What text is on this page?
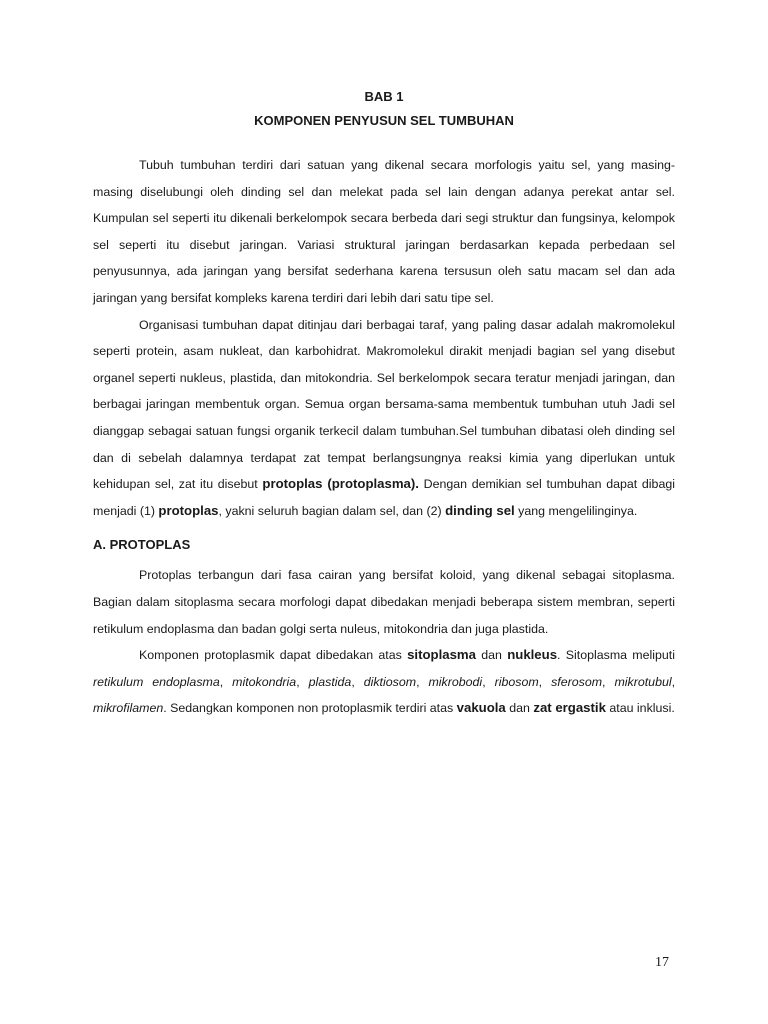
BAB 1
KOMPONEN PENYUSUN SEL TUMBUHAN

Tubuh tumbuhan terdiri dari satuan yang dikenal secara morfologis yaitu sel, yang masing-masing diselubungi oleh dinding sel dan melekat pada sel lain dengan adanya perekat antar sel. Kumpulan sel seperti itu dikenali berkelompok secara berbeda dari segi struktur dan fungsinya, kelompok sel seperti itu disebut jaringan. Variasi struktural jaringan berdasarkan kepada perbedaan sel penyusunnya, ada jaringan yang bersifat sederhana karena tersusun oleh satu macam sel dan ada jaringan yang bersifat kompleks karena terdiri dari lebih dari satu tipe sel.

Organisasi tumbuhan dapat ditinjau dari berbagai taraf, yang paling dasar adalah makromolekul seperti protein, asam nukleat, dan karbohidrat. Makromolekul dirakit menjadi bagian sel yang disebut organel seperti nukleus, plastida, dan mitokondria. Sel berkelompok secara teratur menjadi jaringan, dan berbagai jaringan membentuk organ. Semua organ bersama-sama membentuk tumbuhan utuh Jadi sel dianggap sebagai satuan fungsi organik terkecil dalam tumbuhan.Sel tumbuhan dibatasi oleh dinding sel dan di sebelah dalamnya terdapat zat tempat berlangsungnya reaksi kimia yang diperlukan untuk kehidupan sel, zat itu disebut protoplas (protoplasma). Dengan demikian sel tumbuhan dapat dibagi menjadi (1) protoplas, yakni seluruh bagian dalam sel, dan (2) dinding sel yang mengelilinginya.

A. PROTOPLAS

Protoplas terbangun dari fasa cairan yang bersifat koloid, yang dikenal sebagai sitoplasma. Bagian dalam sitoplasma secara morfologi dapat dibedakan menjadi beberapa sistem membran, seperti retikulum endoplasma dan badan golgi serta nuleus, mitokondria dan juga plastida.

Komponen protoplasmik dapat dibedakan atas sitoplasma dan nukleus. Sitoplasma meliputi retikulum endoplasma, mitokondria, plastida, diktiosom, mikrobodi, ribosom, sferosom, mikrotubul, mikrofilamen. Sedangkan komponen non protoplasmik terdiri atas vakuola dan zat ergastik atau inklusi.

17
